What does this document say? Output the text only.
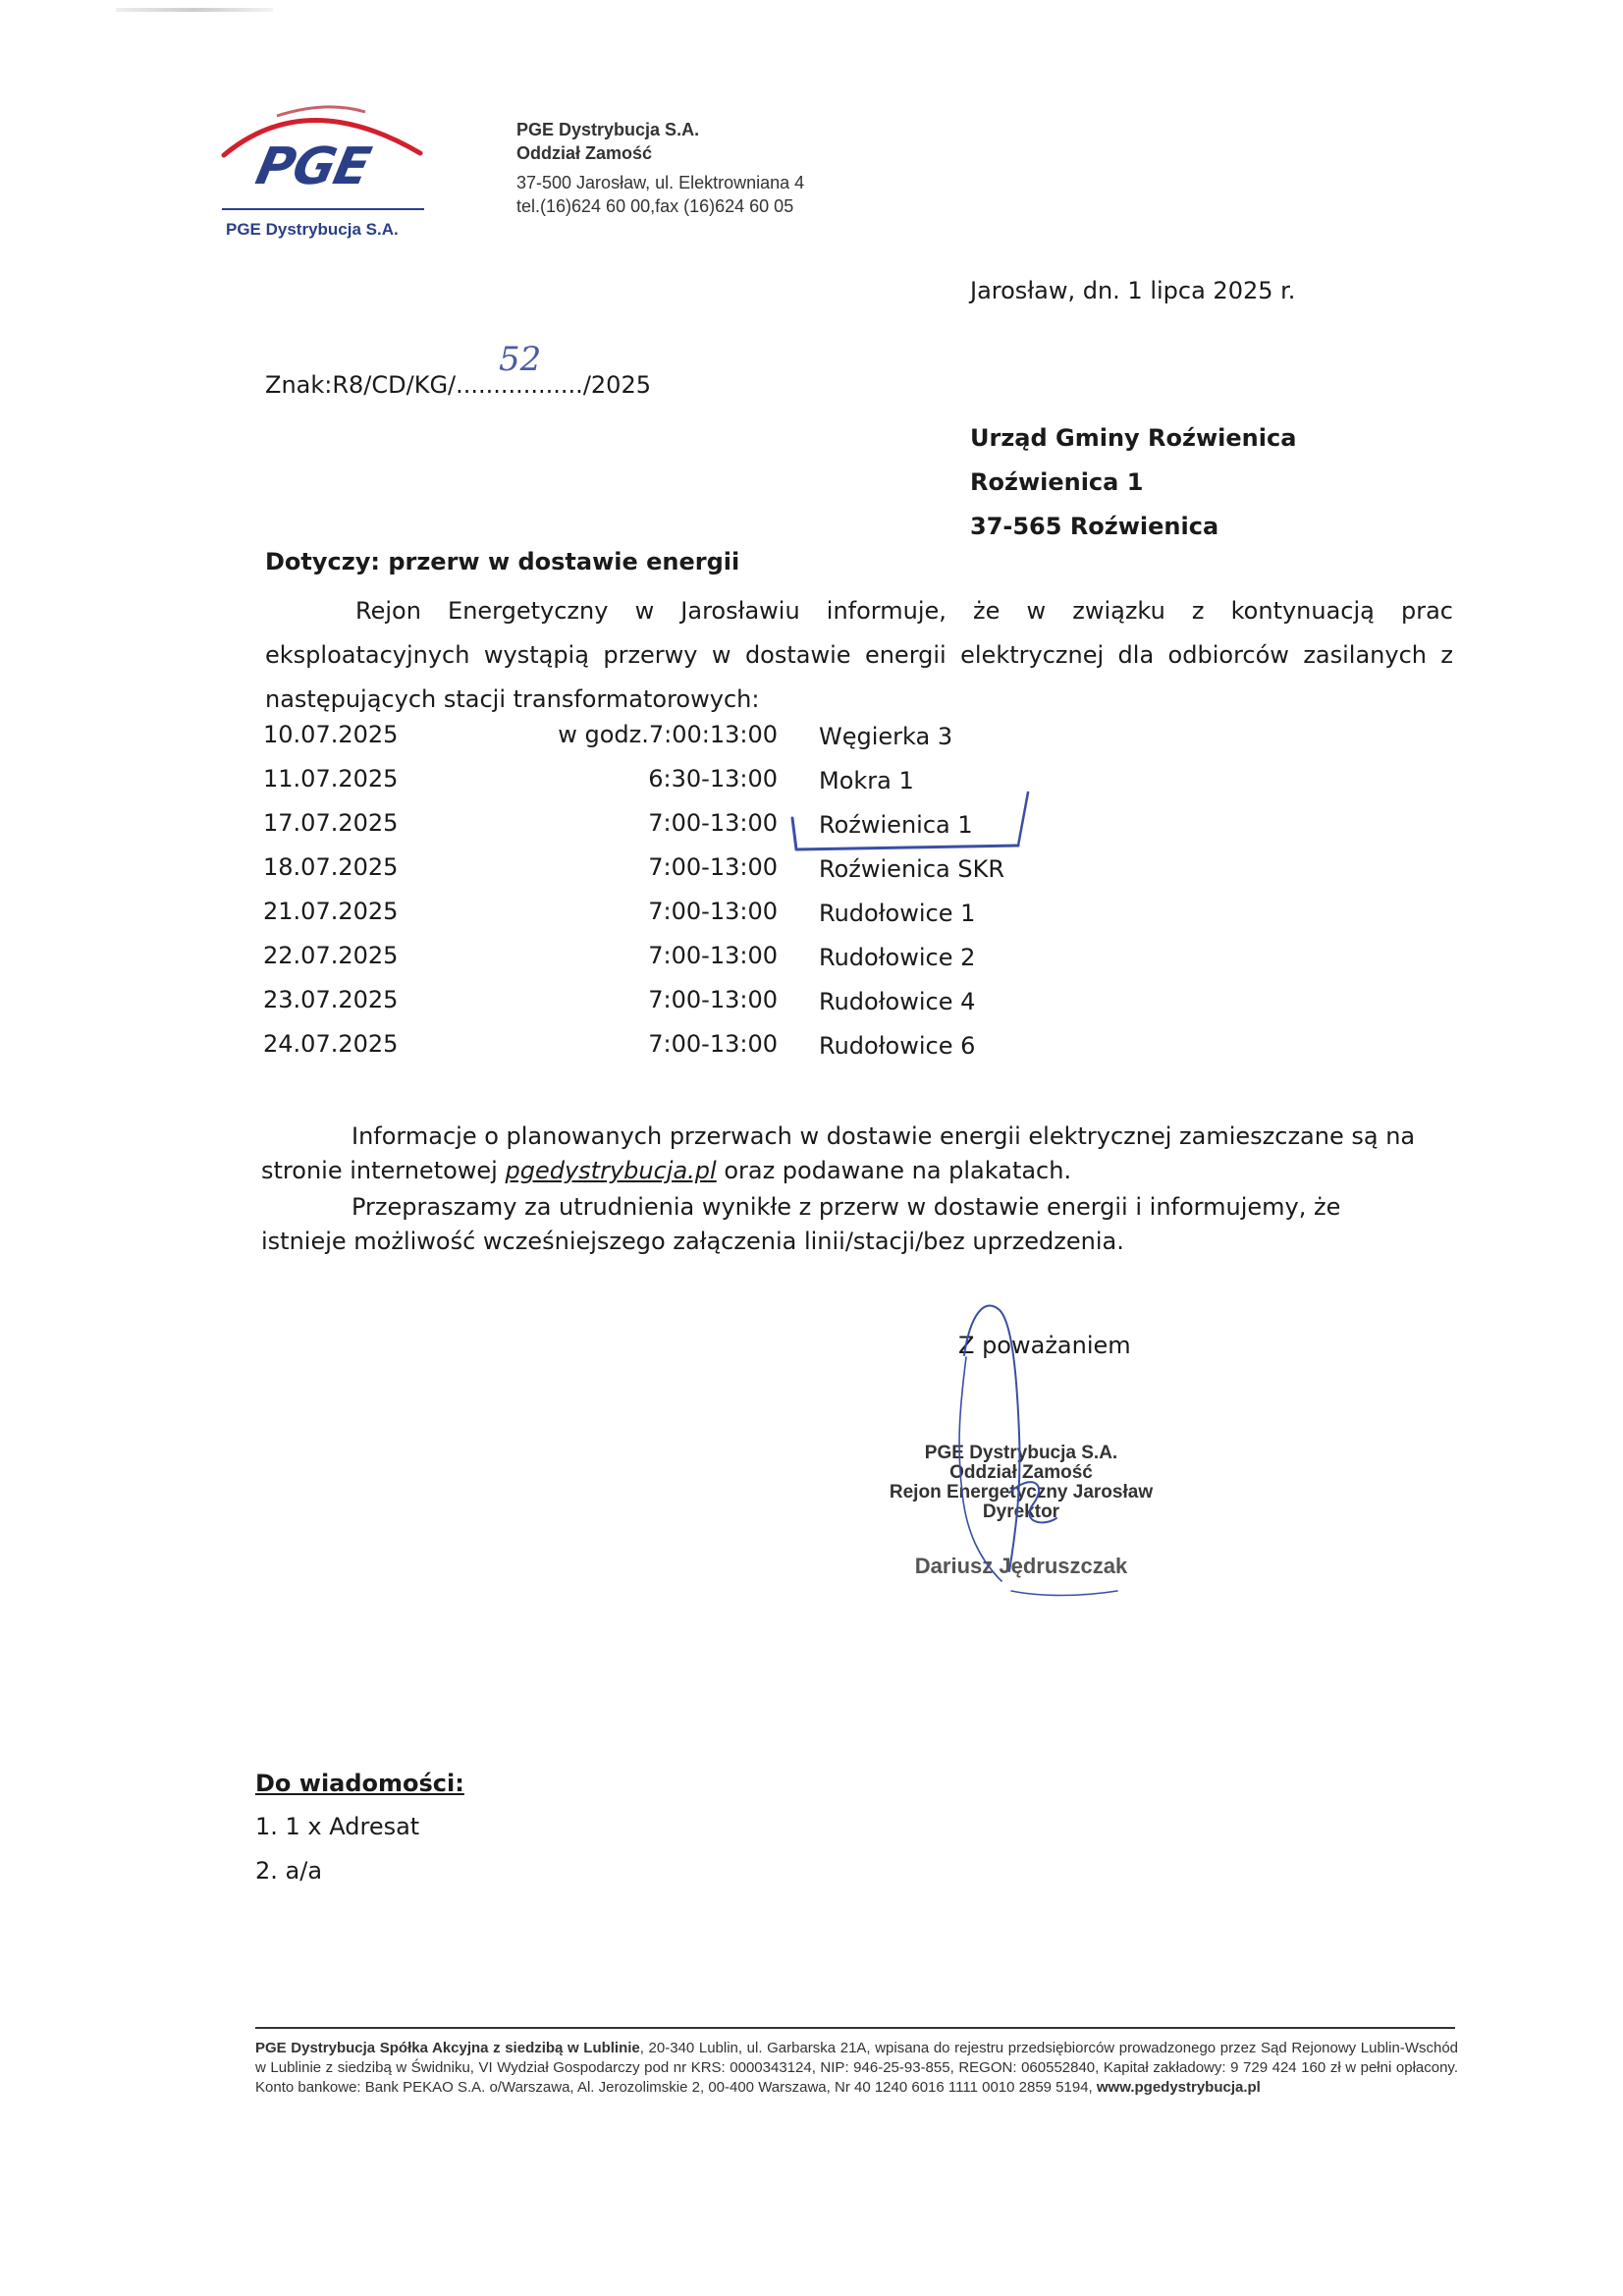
PGE
PGE Dystrybucja S.A.
PGE Dystrybucja S.A.
Oddział Zamość
37-500 Jarosław, ul. Elektrowniana 4
tel.(16)624 60 00,fax (16)624 60 05
Jarosław, dn. 1 lipca 2025 r.
Znak:R8/CD/KG/................./2025
52
Urząd Gminy Roźwienica
Roźwienica 1
37-565 Roźwienica
Dotyczy: przerw w dostawie energii
Rejon Energetyczny w Jarosławiu informuje, że w związku z kontynuacją prac eksploatacyjnych wystąpią przerwy w dostawie energii elektrycznej dla odbiorców zasilanych z następujących stacji transformatorowych:
10.07.2025	w godz.7:00:13:00 Węgierka 3
11.07.2025	6:30-13:00 Mokra 1
17.07.2025	7:00-13:00 Roźwienica 1
18.07.2025	7:00-13:00 Roźwienica SKR
21.07.2025	7:00-13:00 Rudołowice 1
22.07.2025	7:00-13:00 Rudołowice 2
23.07.2025	7:00-13:00 Rudołowice 4
24.07.2025	7:00-13:00 Rudołowice 6
Informacje o planowanych przerwach w dostawie energii elektrycznej zamieszczane są na stronie internetowej pgedystrybucja.pl oraz podawane na plakatach.
Przepraszamy za utrudnienia wynikłe z przerw w dostawie energii i informujemy, że istnieje możliwość wcześniejszego załączenia linii/stacji/bez uprzedzenia.
Z poważaniem
PGE Dystrybucja S.A.
Oddział Zamość
Rejon Energetyczny Jarosław
Dyrektor
Dariusz Jędruszczak
Do wiadomości:
1. 1 x Adresat
2. a/a
PGE Dystrybucja Spółka Akcyjna z siedzibą w Lublinie, 20-340 Lublin, ul. Garbarska 21A, wpisana do rejestru przedsiębiorców prowadzonego przez Sąd Rejonowy Lublin-Wschód w Lublinie z siedzibą w Świdniku, VI Wydział Gospodarczy pod nr KRS: 0000343124, NIP: 946-25-93-855, REGON: 060552840, Kapitał zakładowy: 9 729 424 160 zł w pełni opłacony. Konto bankowe: Bank PEKAO S.A. o/Warszawa, Al. Jerozolimskie 2, 00-400 Warszawa, Nr 40 1240 6016 1111 0010 2859 5194, www.pgedystrybucja.pl
